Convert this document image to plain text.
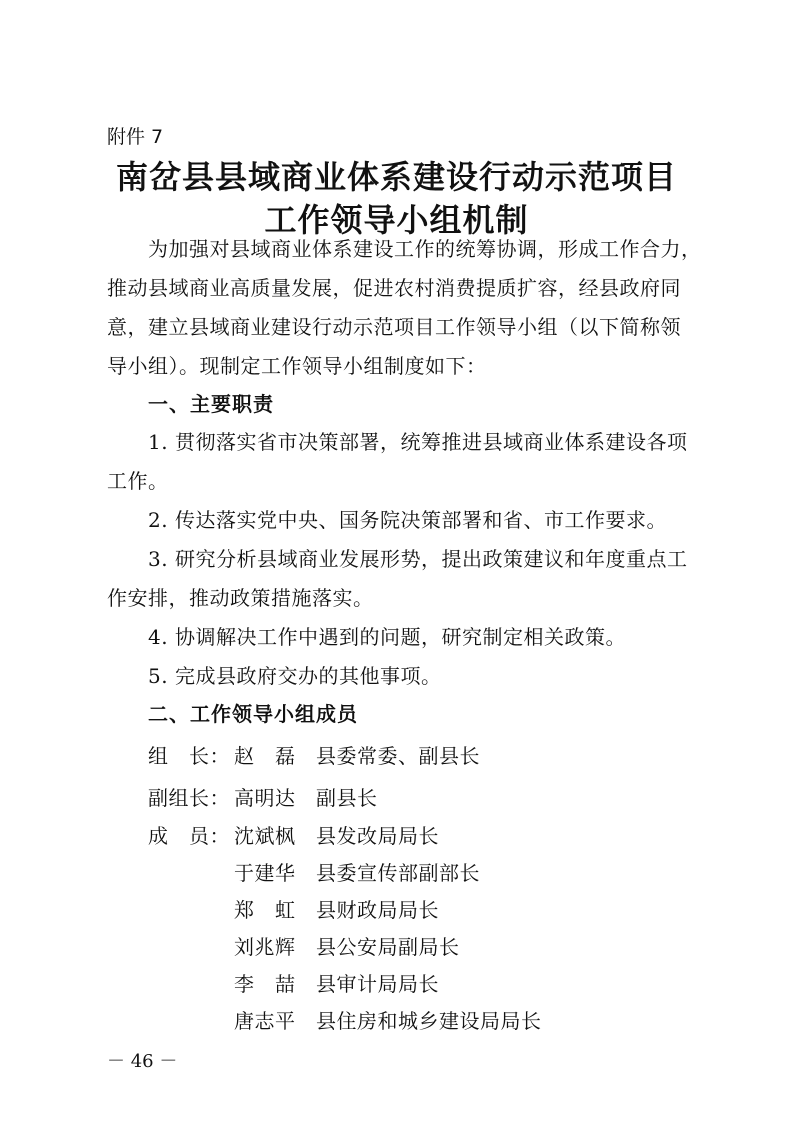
附件 7
南岔县县域商业体系建设行动示范项目
工作领导小组机制
为加强对县域商业体系建设工作的统筹协调，形成工作合力，
推动县域商业高质量发展，促进农村消费提质扩容，经县政府同
意，建立县域商业建设行动示范项目工作领导小组（以下简称领
导小组）。现制定工作领导小组制度如下：
一、主要职责
1. 贯彻落实省市决策部署，统筹推进县域商业体系建设各项
工作。
2. 传达落实党中央、国务院决策部署和省、市工作要求。
3. 研究分析县域商业发展形势，提出政策建议和年度重点工
作安排，推动政策措施落实。
4. 协调解决工作中遇到的问题，研究制定相关政策。
5. 完成县政府交办的其他事项。
二、工作领导小组成员
组　长： 赵　磊 县委常委、副县长
副组长： 高明达 副县长
成　员： 沈斌枫 县发改局局长
于建华 县委宣传部副部长
郑　虹 县财政局局长
刘兆辉 县公安局副局长
李　喆 县审计局局长
唐志平 县住房和城乡建设局局长
－ 46 －
